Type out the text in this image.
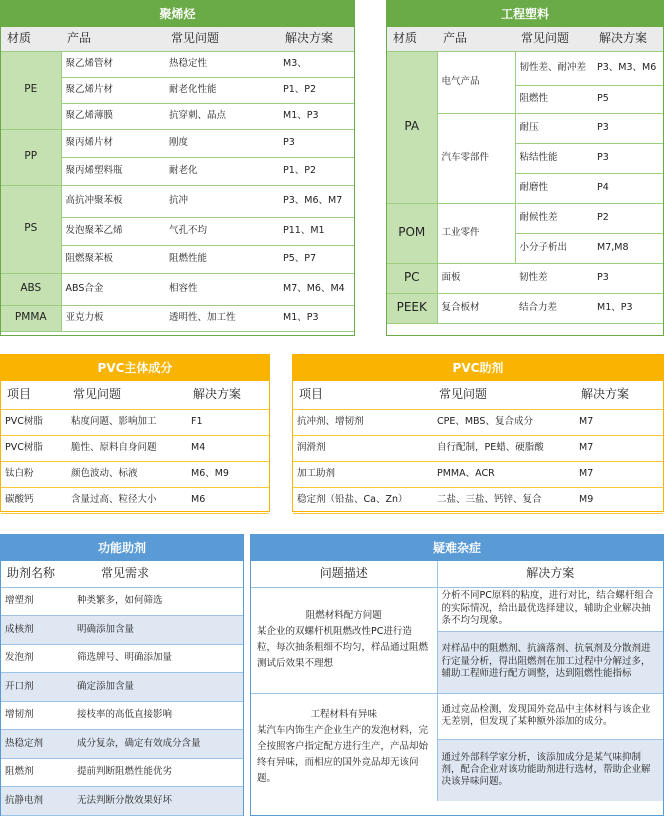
聚烯烃
材质	产品	常见问题	解决方案
PE	聚乙烯管材	热稳定性	M3、
	聚乙烯片材	耐老化性能	P1、P2
	聚乙烯薄膜	抗穿刺、晶点	M1、P3
PP	聚丙烯片材	刚度	P3
	聚丙烯塑料瓶	耐老化	P1、P2
PS	高抗冲聚苯板	抗冲	P3、M6、M7
	发泡聚苯乙烯	气孔不均	P11、M1
	阻燃聚苯板	阻燃性能	P5、P7
ABS	ABS合金	相容性	M7、M6、M4
PMMA	亚克力板	透明性、加工性	M1、P3
工程塑料
材质	产品	常见问题	解决方案
PA	电气产品	韧性差、耐冲差	P3、M3、M6
		阻燃性	P5
	汽车零部件	耐压	P3
		粘结性能	P3
		耐磨性	P4
POM	工业零件	耐候性差	P2
		小分子析出	M7,M8
PC	面板	韧性差	P3
PEEK	复合板材	结合力差	M1、P3
PVC主体成分
项目	常见问题	解决方案
PVC树脂	粘度问题、影响加工	F1
PVC树脂	脆性、原料自身问题	M4
钛白粉	颜色波动、标液	M6、M9
碳酸钙	含量过高、粒径大小	M6
PVC助剂
项目	常见问题	解决方案
抗冲剂、增韧剂	CPE、MBS、复合成分	M7
润滑剂	自行配制，PE蜡、硬脂酸	M7
加工助剂	PMMA、ACR	M7
稳定剂（铅盐、Ca、Zn）	二盐、三盐、钙锌、复合	M9
功能助剂
助剂名称	常见需求
增塑剂	种类繁多，如何筛选
成核剂	明确添加含量
发泡剂	筛选牌号、明确添加量
开口剂	确定添加含量
增韧剂	接枝率的高低直接影响
热稳定剂	成分复杂，确定有效成分含量
阻燃剂	提前判断阻燃性能优劣
抗静电剂	无法判断分散效果好坏
疑难杂症
问题描述	解决方案

阻燃材料配方问题
某企业的双螺杆机阻燃改性PC进行造粒，每次抽条粗细不均匀，样品通过阻燃测试后效果不理想	分析不同PC原料的粘度，进行对比，结合螺杆组合的实际情况，给出最优选择建议，辅助企业解决抽条不均匀现象。
	对样品中的阻燃剂、抗滴落剂、抗氧剂及分散剂进行定量分析，得出阻燃剂在加工过程中分解过多，辅助工程师进行配方调整，达到阻燃性能指标

工程材料有异味
某汽车内饰生产企业生产的发泡材料，完全按照客户指定配方进行生产，产品却始终有异味，而相应的国外竞品却无该问题。	通过竞品检测，发现国外竞品中主体材料与该企业无差别，但发现了某种额外添加的成分。
	通过外部科学家分析，该添加成分是某气味抑制剂，配合企业对该功能助剂进行选材，帮助企业解决该异味问题。
